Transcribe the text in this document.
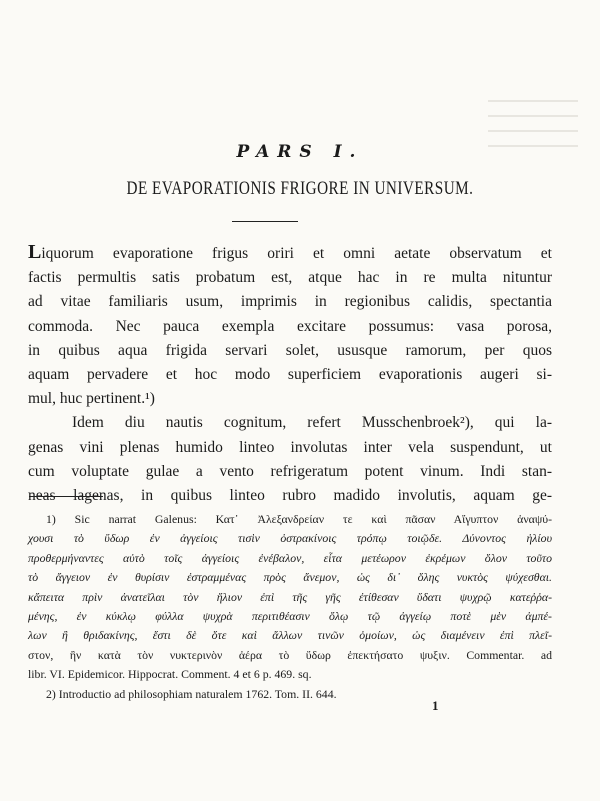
PARS I.
DE EVAPORATIONIS FRIGORE IN UNIVERSUM.
Liquorum evaporatione frigus oriri et omni aetate observatum et
factis permultis satis probatum est, atque hac in re multa nituntur
ad vitae familiaris usum, imprimis in regionibus calidis, spectantia
commoda. Nec pauca exempla excitare possumus: vasa porosa,
in quibus aqua frigida servari solet, ususque ramorum, per quos
aquam pervadere et hoc modo superficiem evaporationis augeri si-
mul, huc pertinent.¹)
Idem diu nautis cognitum, refert Musschenbroek²), qui la-
genas vini plenas humido linteo involutas inter vela suspendunt, ut
cum voluptate gulae a vento refrigeratum potent vinum. Indi stan-
neas lagenas, in quibus linteo rubro madido involutis, aquam ge-
1) Sic narrat Galenus: Κατ᾽ Ἀλεξανδρείαν τε καὶ πᾶσαν Αἴγυπτον ἀναψύ-
χουσι τὸ ὕδωρ ἐν ἀγγείοις τισὶν ὀστρακίνοις τρόπῳ τοιῷδε. Δύνοντος ἡλίου
προθερμήναντες αὐτὸ τοῖς ἀγγείοις ἐνέβαλον, εἶτα μετέωρον ἐκρέμων ὅλον τοῦτο
τὸ ἄγγειον ἐν θυρίσιν ἐστραμμένας πρὸς ἄνεμον, ὡς δι᾽ ὅλης νυκτὸς ψύχεσθαι.
κἄπειτα πρὶν ἀνατεῖλαι τὸν ἥλιον ἐπὶ τῆς γῆς ἐτίθεσαν ὕδατι ψυχρῷ κατεῤῥα-
μένης, ἐν κύκλῳ φύλλα ψυχρὰ περιτιθέασιν ὅλῳ τῷ ἀγγείῳ ποτὲ μὲν ἀμπέ-
λων ἢ θριδακίνης, ἔστι δὲ ὅτε καὶ ἄλλων τινῶν ὁμοίων, ὡς διαμένειν ἐπὶ πλεῖ-
στον, ἣν κατὰ τὸν νυκτερινὸν ἀέρα τὸ ὕδωρ ἐπεκτήσατο ψυξιν. Commentar. ad
libr. VI. Epidemicor. Hippocrat. Comment. 4 et 6 p. 469. sq.
2) Introductio ad philosophiam naturalem 1762. Tom. II. 644.
1
